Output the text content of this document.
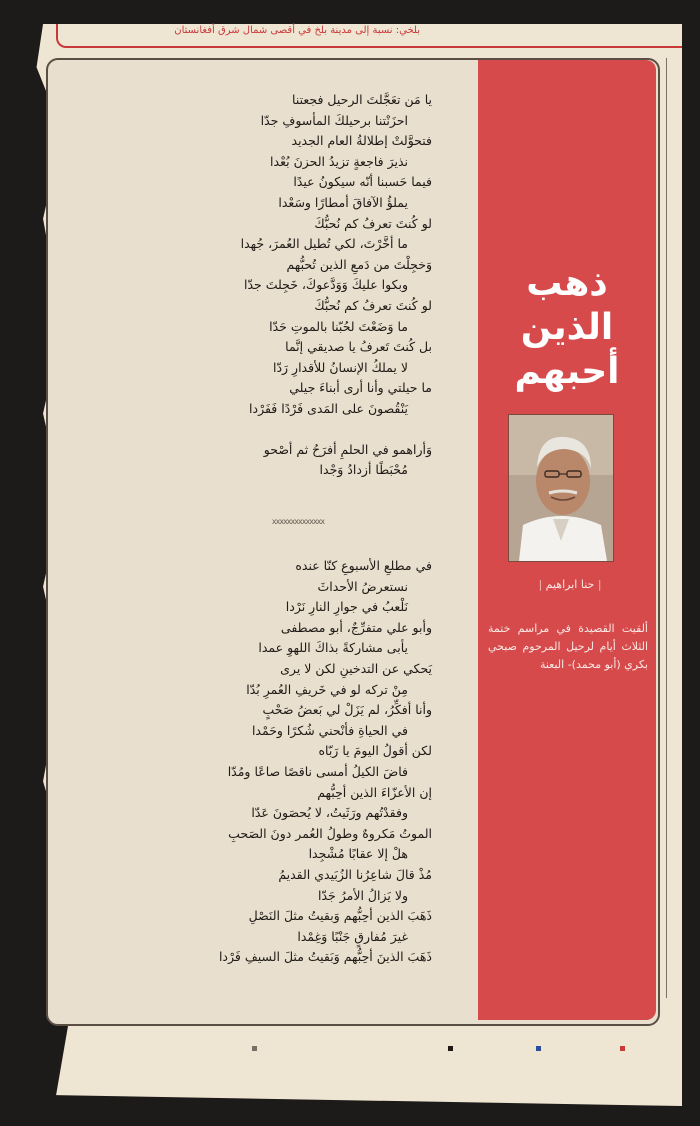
بلخي: نسبة إلى مدينة بلخ في أقصى شمال شرق أفغانستان
ذهب الذين
أحبهم
| حنا ابراهيم |
ألقيت القصيدة في مراسم ختمة الثلاث أيام لرحيل المرحوم صبحي بكري (أبو محمد)- البعنة
يا مَن تعَجَّلتَ الرحيل فجعتنا
احزَنْتنا برحيلكَ المأسوفِ جدّا
فتحوَّلتْ إطلالةُ العام الجديد
نذيرَ فاجعةٍ تزيدُ الحزنَ بُعْدا
فيما حَسبنا أنّه سيكونُ عيدًا
يملؤُ الآفاقَ أمطارًا وسَعْدا
لو كُنتَ تعرفُ كم نُحبُّكَ
ما أخَّرْتَ، لكي تُطيل العُمرَ، جُهدا
وَخجِلْتَ من دَمعِ الذين تُحبُّهم
وبكوا عليكَ وَوَدَّعوكَ، خَجِلتَ جدّا
لو كُنتَ تعرفُ كم نُحبُّكَ
ما وَضَعْتَ لحُبّنا بالموتِ حَدّا
بل كُنتَ تَعرفُ يا صديقي إنَّما
لا يملكُ الإنسانُ للأقدارِ رَدّا
ما حيلتي وأنا أرى أبناءَ جيلي
يَنْقُصونَ على المَدى فَرْدًا فَفَرْدا
وَأراهمو في الحلمِ أفرَحُ ثم أصْحو
مُحْبَطًا أزدادُ وَجْدا
xxxxxxxxxxxxxx
في مطلعِ الأسبوعِ كنّا عنده
نستعرضُ الأحداثَ
نَلْعبُ في جوارِ النارِ نَرْدا
وأبو علي متفرِّجٌ، أبو مصطفى
يأبى مشاركةً بذاكَ اللهوِ عمدا
يَحكي عن التدخينِ لكن لا يرى
مِنْ تركه لو في خَريفِ العُمرِ بُدّا
وأنا أفكِّرُ، لم يَزَلْ لي بَعضُ صَحْبٍ
في الحياةِ فأنْحني شُكرًا وحَمْدا
لكن أقولُ اليومَ يا رَبّاه
فاضَ الكيلُ أمسى ناقصًا صاعًا ومُدّا
إن الأعزّاءَ الذين أحِبُّهم
وفقدْتُهم ورَثَيتُ، لا يُحصَونَ عَدّا
الموتُ مَكروهٌ وطولُ العُمر دونَ الصَحبِ
هلْ إلا عقابًا مُشْجِدا
مُذْ قالَ شاعِرُنا الزُبَيدي القديمُ
ولا يَزالُ الأمرُ جَدّا
ذَهَبَ الذين أحِبُّهم وَبقيتُ مثلَ النَصْلِ
غيرَ مُفارقٍ جَنْبًا وَغِمْدا
ذَهَبَ الذينَ أحِبُّهم وَبَقيتُ مثلَ السيفِ فَرْدا
